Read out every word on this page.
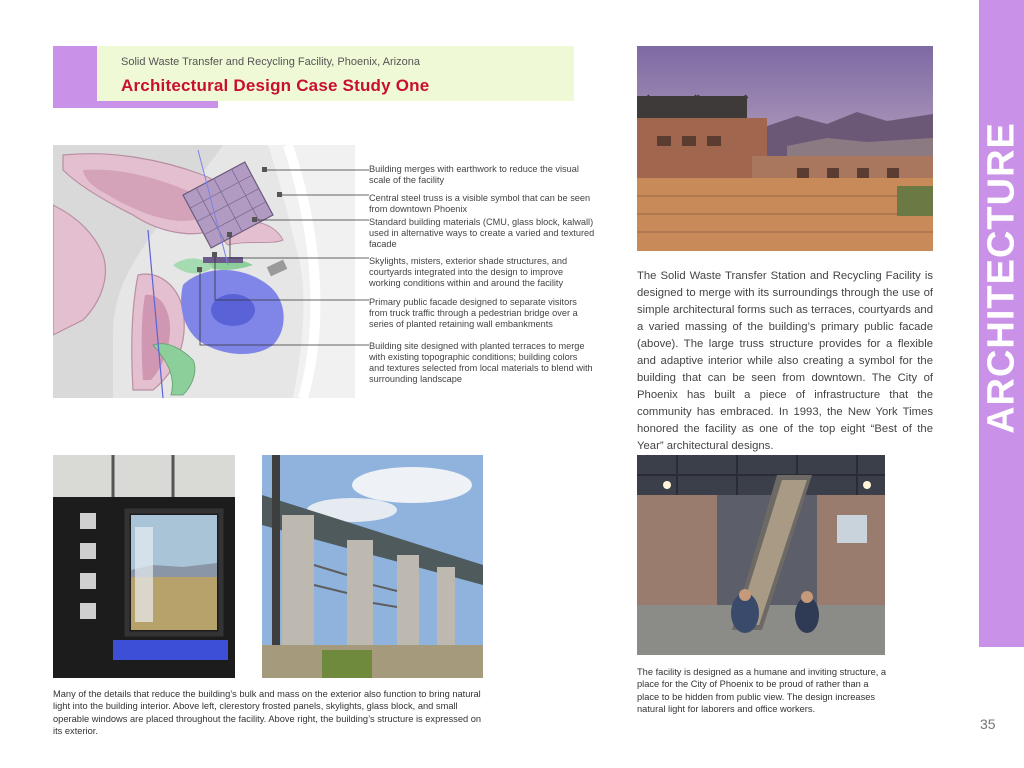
Solid Waste Transfer and Recycling Facility, Phoenix, Arizona
Architectural Design Case Study One
ARCHITECTURE
Building merges with earthwork to reduce the visual scale of the facility
Central steel truss is a visible symbol that can be seen from downtown Phoenix
Standard building materials (CMU, glass block, kalwall) used in alternative ways to create a varied and textured facade
Skylights, misters, exterior shade structures, and courtyards integrated into the design to improve working conditions within and around the facility
Primary public facade designed to separate visitors from truck traffic through a pedestrian bridge over a series of planted retaining wall embankments
Building site designed with planted terraces to merge with existing topographic conditions; building colors and textures selected from local materials to blend with surrounding landscape
The Solid Waste Transfer Station and Recycling Facility is designed to merge with its surroundings through the use of simple architectural forms such as terraces, courtyards and a varied massing of the building’s primary public facade (above). The large truss structure provides for a flexible and adaptive interior while also creating a symbol for the building that can be seen from downtown. The City of Phoenix has built a piece of infrastructure that the community has embraced. In 1993, the New York Times honored the facility as one of the top eight “Best of the Year” architectural designs.
Many of the details that reduce the building’s bulk and mass on the exterior also function to bring natural light into the building interior. Above left, clerestory frosted panels, skylights, glass block, and small operable windows are placed throughout the facility. Above right, the building’s structure is expressed on its exterior.
The facility is designed as a humane and inviting structure, a place for the City of Phoenix to be proud of rather than a place to be hidden from public view. The design increases natural light for laborers and office workers.
35
